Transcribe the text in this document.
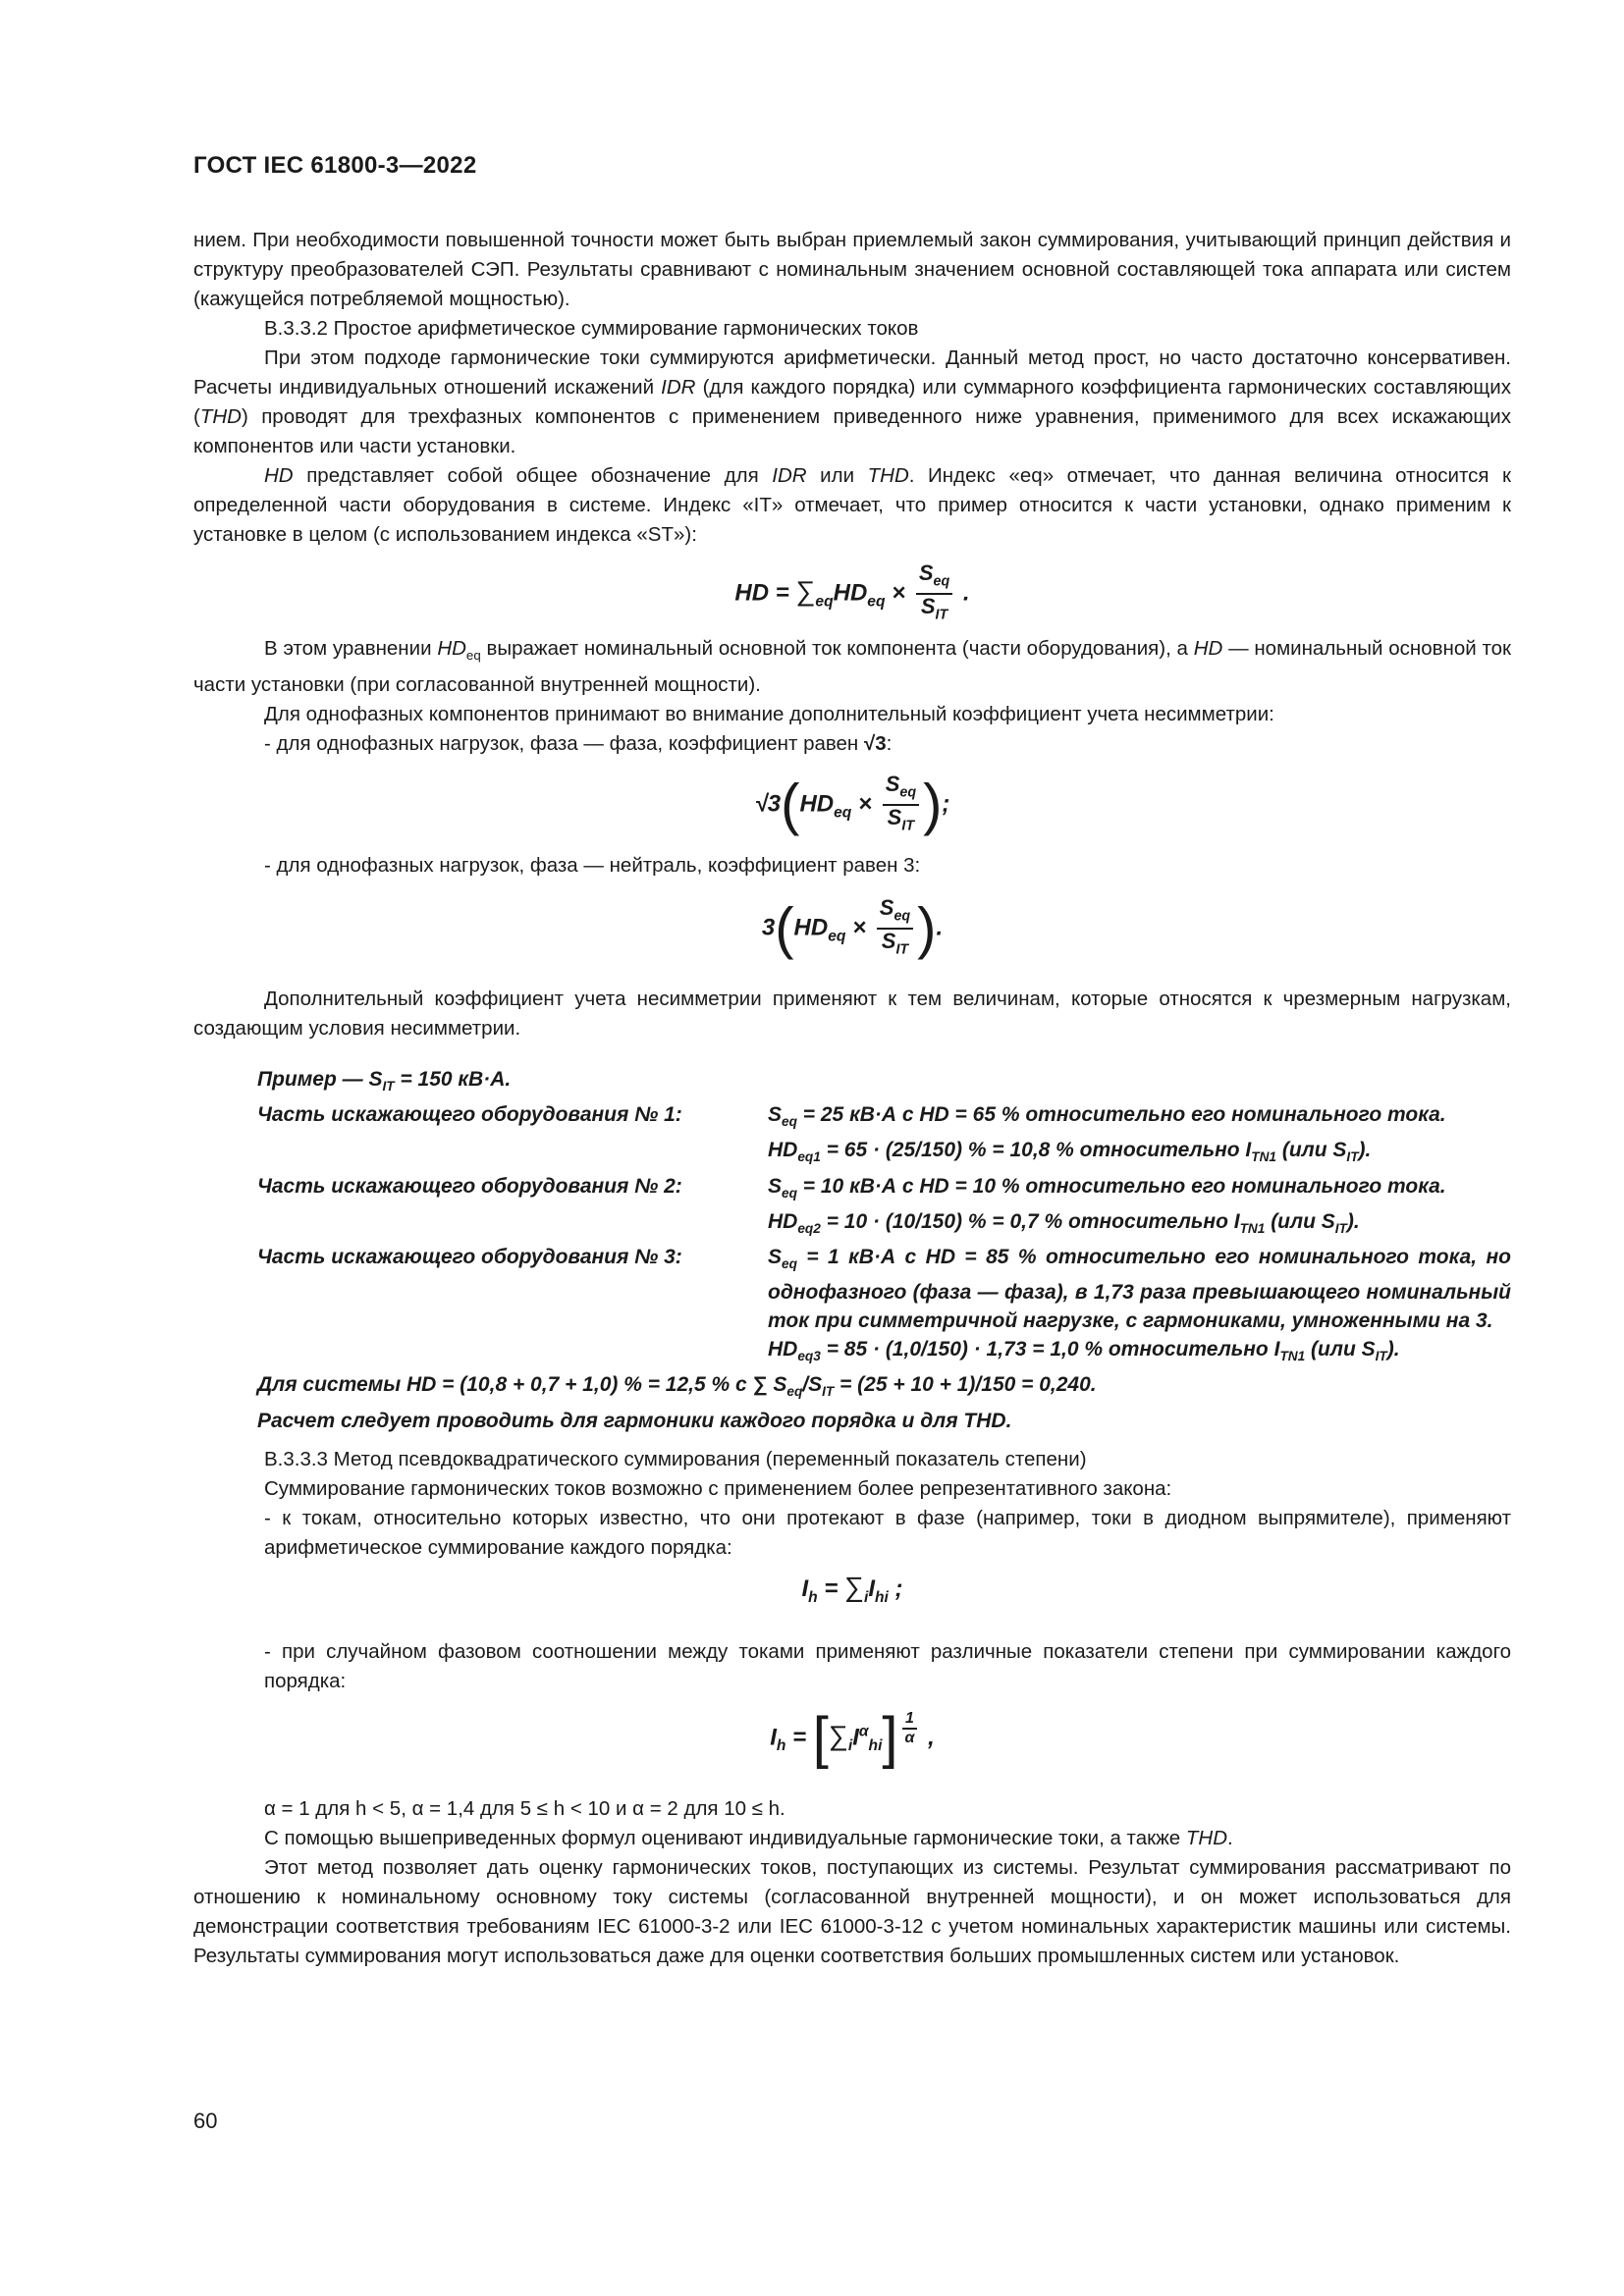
ГОСТ IEC 61800-3—2022

нием. При необходимости повышенной точности может быть выбран приемлемый закон суммирования, учитывающий принцип действия и структуру преобразователей СЭП. Результаты сравнивают с номинальным значением основной составляющей тока аппарата или систем (кажущейся потребляемой мощностью).

В.3.3.2 Простое арифметическое суммирование гармонических токов

При этом подходе гармонические токи суммируются арифметически. Данный метод прост, но часто достаточно консервативен. Расчеты индивидуальных отношений искажений IDR (для каждого порядка) или суммарного коэффициента гармонических составляющих (THD) проводят для трехфазных компонентов с применением приведенного ниже уравнения, применимого для всех искажающих компонентов или части установки.

HD представляет собой общее обозначение для IDR или THD. Индекс «eq» отмечает, что данная величина относится к определенной части оборудования в системе. Индекс «IT» отмечает, что пример относится к части установки, однако применим к установке в целом (с использованием индекса «ST»):

HD = $\sum_{eq}HD_{eq} \times \frac{S_{eq}}{S_{IT}}$ .

В этом уравнении $HD_{eq}$ выражает номинальный основной ток компонента (части оборудования), а HD — номинальный основной ток части установки (при согласованной внутренней мощности).

Для однофазных компонентов принимают во внимание дополнительный коэффициент учета несимметрии:

- для однофазных нагрузок, фаза — фаза, коэффициент равен √3:

$√3(HD_{eq} \times \frac{S_{eq}}{S_{IT}}$ );

- для однофазных нагрузок, фаза — нейтраль, коэффициент равен 3:

$3(HD_{eq} \times \frac{S_{eq}}{S_{IT}}$ ).

Дополнительный коэффициент учета несимметрии применяют к тем величинам, которые относятся к чрезмерным нагрузкам, создающим условия несимметрии.

Пример — $S_{IT} = 150$ кВ·А.
Часть искажающего оборудования № 1:	$S_{eq} = 25$ кВ·А с HD = 65 % относительно его номинального тока.
$HD_{eq1} = 65 \cdot (25/150)$ % = 10,8 % относительно $I_{TN1}$ (или $S_{IT}$).
Часть искажающего оборудования № 2:	$S_{eq} = 10$ кВ·А с HD = 10 % относительно его номинального тока.
$HD_{eq2} = 10 \cdot (10/150)$ % = 0,7 % относительно $I_{TN1}$ (или $S_{IT}$).
Часть искажающего оборудования № 3:	$S_{eq} = 1$ кВ·А с HD = 85 % относительно его номинального тока, но однофазного (фаза — фаза), в 1,73 раза превышающего номинальный ток при симметричной нагрузке, с гармониками, умноженными на 3.
$HD_{eq3} = 85 \cdot (1,0/150) \cdot 1,73 = 1,0$ % относительно $I_{TN1}$ (или $S_{IT}$).
Для системы HD = (10,8 + 0,7 + 1,0) % = 12,5 % с ∑ $S_{eq}/S_{IT} = (25 + 10 + 1)/150 = 0,240$.
Расчет следует проводить для гармоники каждого порядка и для THD.

В.3.3.3 Метод псевдоквадратического суммирования (переменный показатель степени)

Суммирование гармонических токов возможно с применением более репрезентативного закона:

- к токам, относительно которых известно, что они протекают в фазе (например, токи в диодном выпрямителе), применяют арифметическое суммирование каждого порядка:

$I_h = \sum_iI_{hi}$ ;

- при случайном фазовом соотношении между токами применяют различные показатели степени при суммировании каждого порядка:

$I_h = [\sum_iI^\alpha_{hi}] \frac{1}{\alpha}$ ,

α = 1 для h < 5, α = 1,4 для 5 ≤ h < 10 и α = 2 для 10 ≤ h.

С помощью вышеприведенных формул оценивают индивидуальные гармонические токи, а также THD.

Этот метод позволяет дать оценку гармонических токов, поступающих из системы. Результат суммирования рассматривают по отношению к номинальному основному току системы (согласованной внутренней мощности), и он может использоваться для демонстрации соответствия требованиям IEC 61000-3-2 или IEC 61000-3-12 с учетом номинальных характеристик машины или системы. Результаты суммирования могут использоваться даже для оценки соответствия больших промышленных систем или установок.

60
